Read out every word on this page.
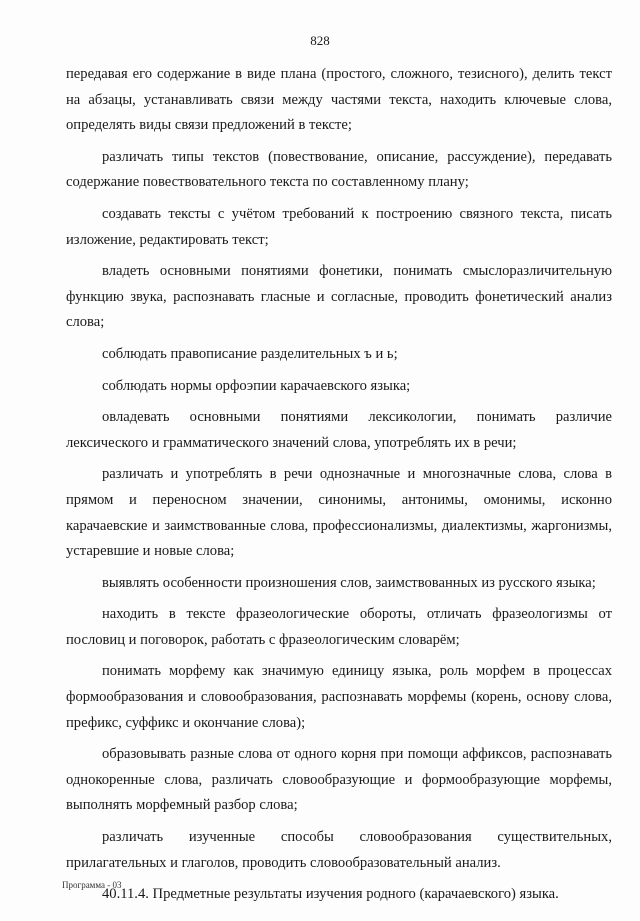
828

передавая его содержание в виде плана (простого, сложного, тезисного), делить текст на абзацы, устанавливать связи между частями текста, находить ключевые слова, определять виды связи предложений в тексте;

различать типы текстов (повествование, описание, рассуждение), передавать содержание повествовательного текста по составленному плану;

создавать тексты с учётом требований к построению связного текста, писать изложение, редактировать текст;

владеть основными понятиями фонетики, понимать смыслоразличительную функцию звука, распознавать гласные и согласные, проводить фонетический анализ слова;

соблюдать правописание разделительных ъ и ь;

соблюдать нормы орфоэпии карачаевского языка;

овладевать основными понятиями лексикологии, понимать различие лексического и грамматического значений слова, употреблять их в речи;

различать и употреблять в речи однозначные и многозначные слова, слова в прямом и переносном значении, синонимы, антонимы, омонимы, исконно карачаевские и заимствованные слова, профессионализмы, диалектизмы, жаргонизмы, устаревшие и новые слова;

выявлять особенности произношения слов, заимствованных из русского языка;

находить в тексте фразеологические обороты, отличать фразеологизмы от пословиц и поговорок, работать с фразеологическим словарём;

понимать морфему как значимую единицу языка, роль морфем в процессах формообразования и словообразования, распознавать морфемы (корень, основу слова, префикс, суффикс и окончание слова);

образовывать разные слова от одного корня при помощи аффиксов, распознавать однокоренные слова, различать словообразующие и формообразующие морфемы, выполнять морфемный разбор слова;

различать изученные способы словообразования существительных, прилагательных и глаголов, проводить словообразовательный анализ.

40.11.4. Предметные результаты изучения родного (карачаевского) языка.

Программа - 03
